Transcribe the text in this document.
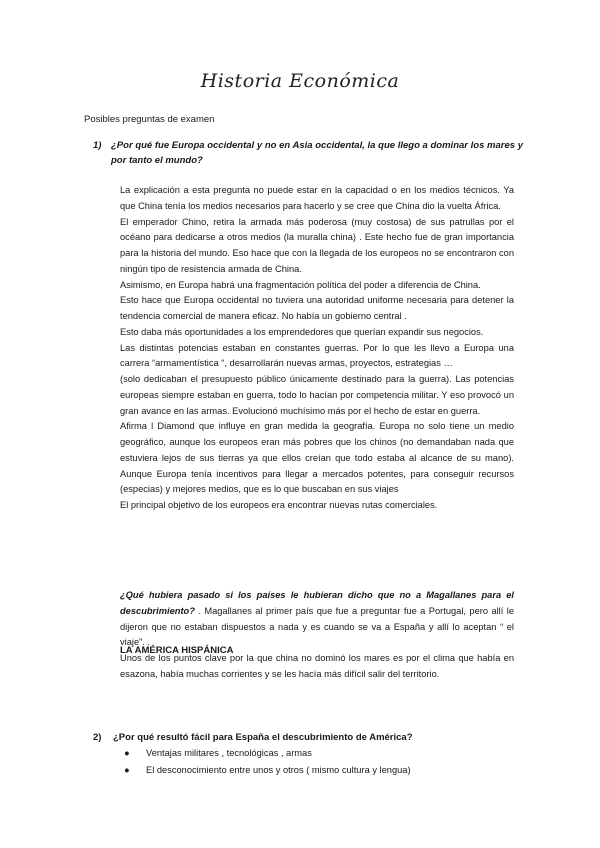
Historia Económica
Posibles preguntas de examen
1) ¿Por qué fue Europa occidental y no en Asia occidental, la que llego a dominar los mares y por tanto el mundo?

La explicación a esta pregunta no puede estar en la capacidad o en los medios técnicos. Ya que China tenía los medios necesarios para hacerlo y se cree que China dio la vuelta África.

El emperador Chino, retira la armada más poderosa (muy costosa) de sus patrullas por el océano para dedicarse a otros medios (la muralla china) . Este hecho fue de gran importancia para la historia del mundo. Eso hace que con la llegada de los europeos no se encontraron con ningún tipo de resistencia armada de China.

Asimismo, en Europa habrá una fragmentación política del poder a diferencia de China.

Esto hace que Europa occidental no tuviera una autoridad uniforme necesaria para detener la tendencia comercial de manera eficaz. No había un gobierno central .

Esto daba más oportunidades a los emprendedores que querían expandir sus negocios.

Las distintas potencias estaban en constantes guerras. Por lo que les llevo a Europa una carrera “armamentística “, desarrollarán nuevas armas, proyectos, estrategias …

(solo dedicaban el presupuesto público únicamente destinado para la guerra). Las potencias europeas siempre estaban en guerra, todo lo hacían por competencia militar. Y eso provocó un gran avance en las armas. Evolucionó muchísimo más por el hecho de estar en guerra.

Afirma l Diamond que influye en gran medida la geografía. Europa no solo tiene un medio geográfico, aunque los europeos eran más pobres que los chinos (no demandaban nada que estuviera lejos de sus tierras ya que ellos creían que todo estaba al alcance de su mano). Aunque Europa tenía incentivos para llegar a mercados potentes, para conseguir recursos (especias) y mejores medios, que es lo que buscaban en sus viajes

El principal objetivo de los europeos era encontrar nuevas rutas comerciales.

¿Qué hubiera pasado si los países le hubieran dicho que no a Magallanes para el descubrimiento? . Magallanes al primer país que fue a preguntar fue a Portugal, pero allí le dijeron que no estaban dispuestos a nada y es cuando se va a España y allí lo aceptan “ el viaje”. .

Unos de los puntos clave por la que china no dominó los mares es por el clima que había en esazona, había muchas corrientes y se les hacía más difícil salir del territorio.

LA AMÉRICA HISPÁNICA
2) ¿Por qué resultó fácil para España el descubrimiento de América?
● Ventajas militares , tecnológicas , armas
● El desconocimiento entre unos y otros ( mismo cultura y lengua)
